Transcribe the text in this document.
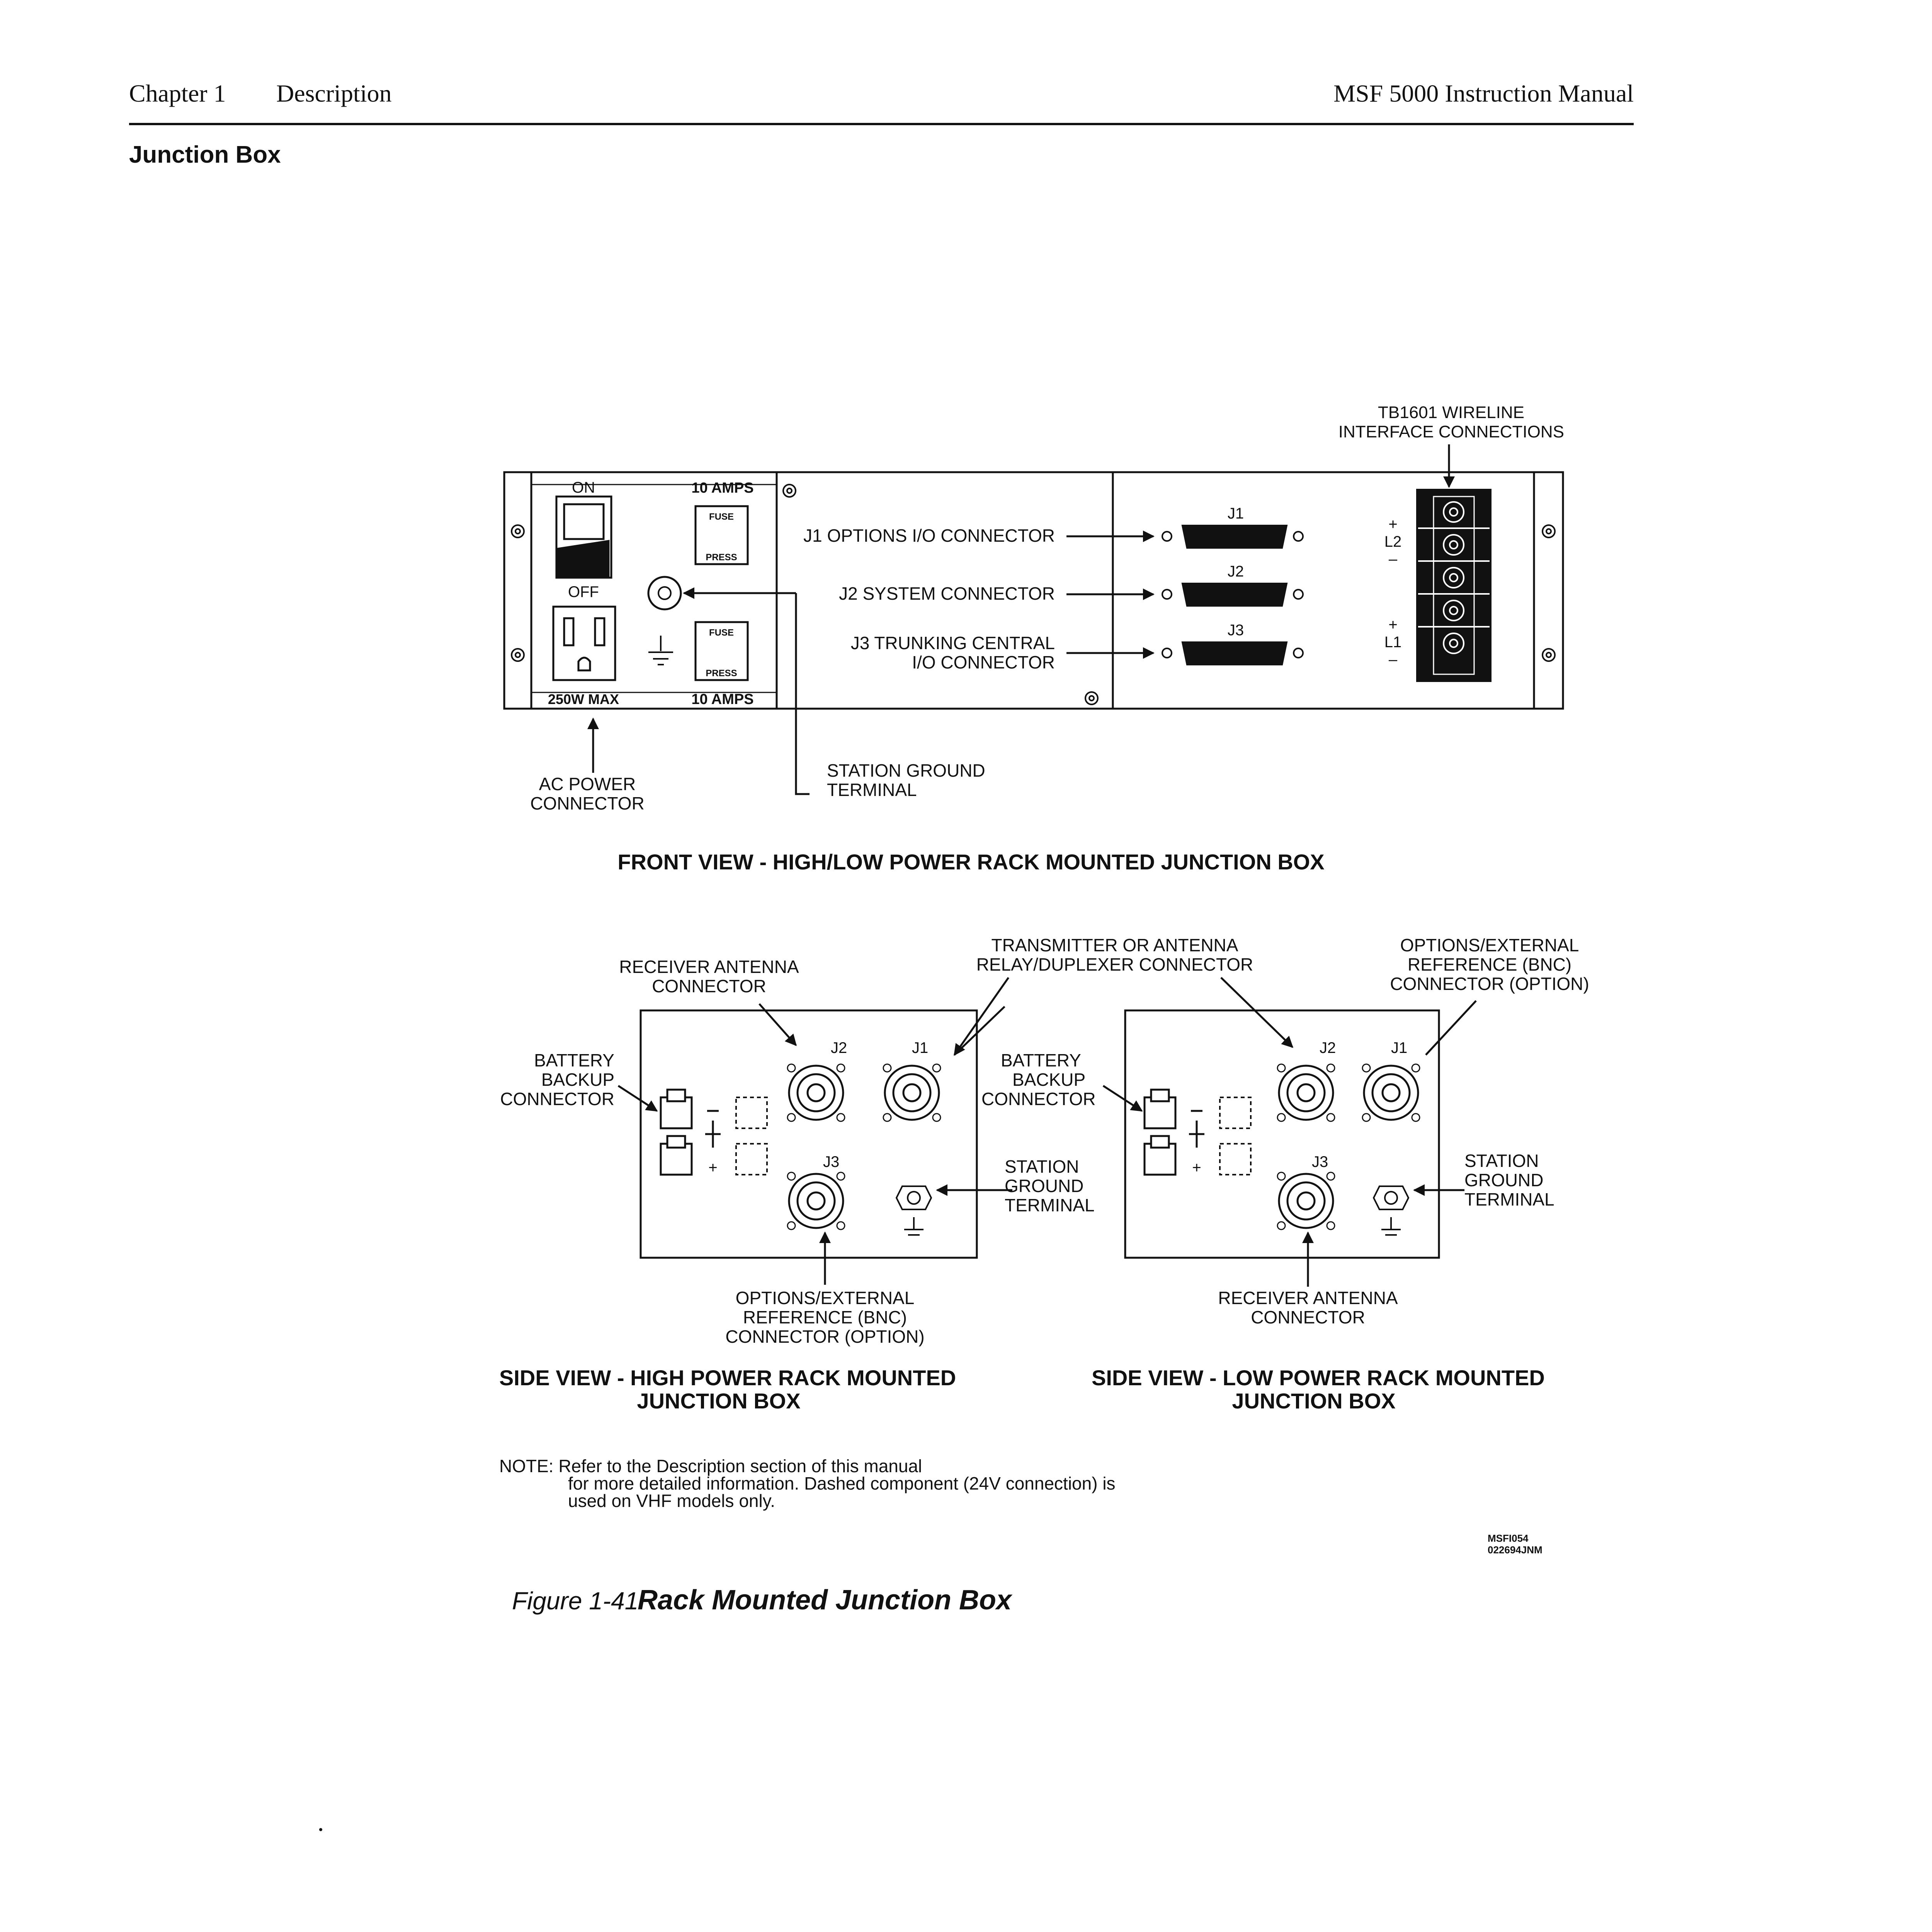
Chapter 1 Description	MSF 5000 Instruction Manual
Junction Box
ON
OFF
250W MAX
10 AMPS
FUSE
PRESS
FUSE
PRESS
10 AMPS
J1 OPTIONS I/O CONNECTOR
J2 SYSTEM CONNECTOR
J3 TRUNKING CENTRAL
I/O CONNECTOR
J1
J2
J3
+
L2
–
+
L1
–
TB1601 WIRELINE
INTERFACE CONNECTIONS
AC POWER
CONNECTOR
STATION GROUND
TERMINAL
FRONT VIEW - HIGH/LOW POWER RACK MOUNTED JUNCTION BOX
+
J2	J1
J3
RECEIVER ANTENNA
CONNECTOR
BATTERY
BACKUP
CONNECTOR
STATION
GROUND
TERMINAL
OPTIONS/EXTERNAL
REFERENCE (BNC)
CONNECTOR (OPTION)
TRANSMITTER OR ANTENNA
RELAY/DUPLEXER CONNECTOR
+
J2	J1
J3
BATTERY
BACKUP
CONNECTOR
STATION
GROUND
TERMINAL
RECEIVER ANTENNA
CONNECTOR
OPTIONS/EXTERNAL
REFERENCE (BNC)
CONNECTOR (OPTION)
SIDE VIEW - HIGH POWER RACK MOUNTED
JUNCTION BOX
SIDE VIEW - LOW POWER RACK MOUNTED
JUNCTION BOX
NOTE: Refer to the Description section of this manual
for more detailed information. Dashed component (24V connection) is
used on VHF models only.
MSFI054
022694JNM
Figure 1-41
Rack Mounted Junction Box
